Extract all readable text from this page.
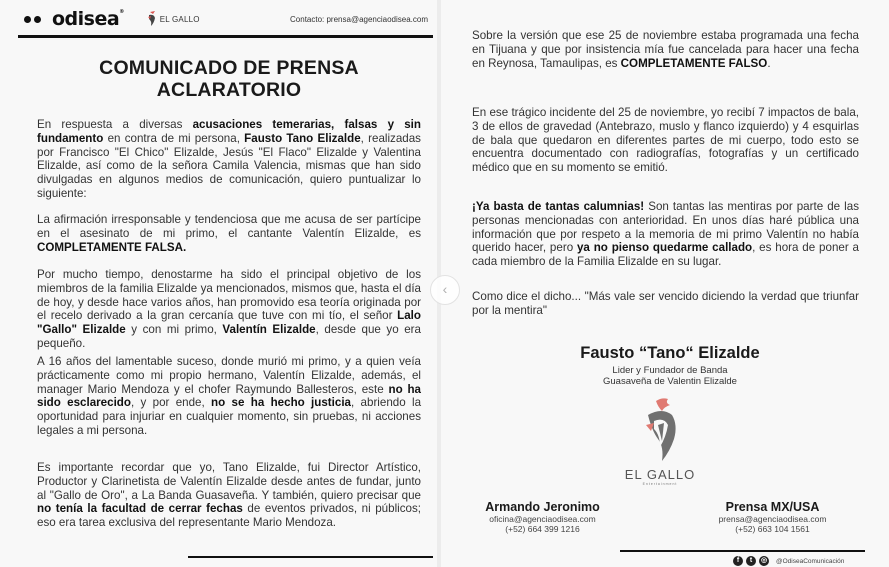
odisea®
EL GALLO	Contacto: prensa@agenciaodisea.com
COMUNICADO DE PRENSA
ACLARATORIO

En respuesta a diversas acusaciones temerarias, falsas y sin fundamento en contra de mi persona, Fausto Tano Elizalde, realizadas por Francisco "El Chico" Elizalde, Jesús "El Flaco" Elizalde y Valentina Elizalde, así como de la señora Camila Valencia, mismas que han sido divulgadas en algunos medios de comunicación, quiero puntualizar lo siguiente:

La afirmación irresponsable y tendenciosa que me acusa de ser partícipe en el asesinato de mi primo, el cantante Valentín Elizalde, es COMPLETAMENTE FALSA.

Por mucho tiempo, denostarme ha sido el principal objetivo de los miembros de la familia Elizalde ya mencionados, mismos que, hasta el día de hoy, y desde hace varios años, han promovido esa teoría originada por el recelo derivado a la gran cercanía que tuve con mi tío, el señor Lalo "Gallo" Elizalde y con mi primo, Valentín Elizalde, desde que yo era pequeño.

A 16 años del lamentable suceso, donde murió mi primo, y a quien veía prácticamente como mi propio hermano, Valentín Elizalde, además, el manager Mario Mendoza y el chofer Raymundo Ballesteros, este no ha sido esclarecido, y por ende, no se ha hecho justicia, abriendo la oportunidad para injuriar en cualquier momento, sin pruebas, ni acciones legales a mi persona.

Es importante recordar que yo, Tano Elizalde, fui Director Artístico, Productor y Clarinetista de Valentín Elizalde desde antes de fundar, junto al "Gallo de Oro", a La Banda Guasaveña. Y también, quiero precisar que no tenía la facultad de cerrar fechas de eventos privados, ni públicos; eso era tarea exclusiva del representante Mario Mendoza.

Sobre la versión que ese 25 de noviembre estaba programada una fecha en Tijuana y que por insistencia mía fue cancelada para hacer una fecha en Reynosa, Tamaulipas, es COMPLETAMENTE FALSO.

En ese trágico incidente del 25 de noviembre, yo recibí 7 impactos de bala, 3 de ellos de gravedad (Antebrazo, muslo y flanco izquierdo) y 4 esquirlas de bala que quedaron en diferentes partes de mi cuerpo, todo esto se encuentra documentado con radiografías, fotografías y un certificado médico que en su momento se emitió.

¡Ya basta de tantas calumnias! Son tantas las mentiras por parte de las personas mencionadas con anterioridad. En unos días haré pública una información que por respeto a la memoria de mi primo Valentín no había querido hacer, pero ya no pienso quedarme callado, es hora de poner a cada miembro de la Familia Elizalde en su lugar.

Como dice el dicho... "Más vale ser vencido diciendo la verdad que triunfar por la mentira"

Fausto “Tano“ Elizalde
Lider y Fundador de Banda
Guasaveña de Valentin Elizalde
EL GALLO
Entertainment
Armando Jeronimo
oficina@agenciaodisea.com
(+52) 664 399 1216
Prensa MX/USA
prensa@agenciaodisea.com
(+52) 663 104 1561
f	t	◎	@OdiseaComunicación
‹
